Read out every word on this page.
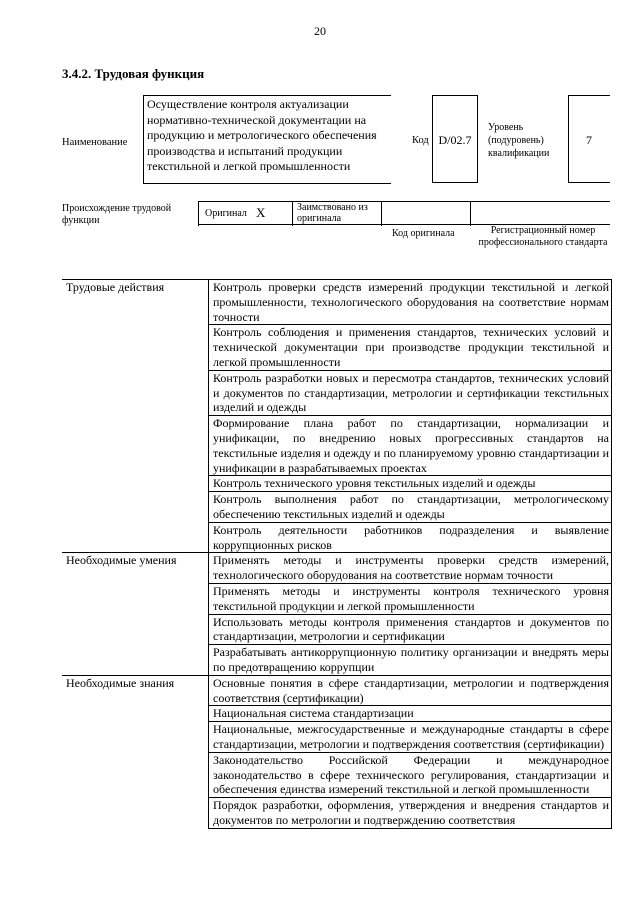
20
3.4.2. Трудовая функция
Наименование
Осуществление контроля актуализации нормативно-технической документации на продукцию и метрологического обеспечения производства и испытаний продукции текстильной и легкой промышленности
Код D/02.7
Уровень (подуровень) квалификации
7
Происхождение трудовой функции
Оригинал X	Заимствовано из оригинала
Код оригинала	Регистрационный номер профессионального стандарта
Трудовые действия	Контроль проверки средств измерений продукции текстильной и легкой промышленности, технологического оборудования на соответствие нормам точности
	Контроль соблюдения и применения стандартов, технических условий и технической документации при производстве продукции текстильной и легкой промышленности
	Контроль разработки новых и пересмотра стандартов, технических условий и документов по стандартизации, метрологии и сертификации текстильных изделий и одежды
	Формирование плана работ по стандартизации, нормализации и унификации, по внедрению новых прогрессивных стандартов на текстильные изделия и одежду и по планируемому уровню стандартизации и унификации в разрабатываемых проектах
	Контроль технического уровня текстильных изделий и одежды
	Контроль выполнения работ по стандартизации, метрологическому обеспечению текстильных изделий и одежды
	Контроль деятельности работников подразделения и выявление коррупционных рисков
Необходимые умения	Применять методы и инструменты проверки средств измерений, технологического оборудования на соответствие нормам точности
	Применять методы и инструменты контроля технического уровня текстильной продукции и легкой промышленности
	Использовать методы контроля применения стандартов и документов по стандартизации, метрологии и сертификации
	Разрабатывать антикоррупционную политику организации и внедрять меры по предотвращению коррупции
Необходимые знания	Основные понятия в сфере стандартизации, метрологии и подтверждения соответствия (сертификации)
	Национальная система стандартизации
	Национальные, межгосударственные и международные стандарты в сфере стандартизации, метрологии и подтверждения соответствия (сертификации)
	Законодательство Российской Федерации и международное законодательство в сфере технического регулирования, стандартизации и обеспечения единства измерений текстильной и легкой промышленности
	Порядок разработки, оформления, утверждения и внедрения стандартов и документов по метрологии и подтверждению соответствия
